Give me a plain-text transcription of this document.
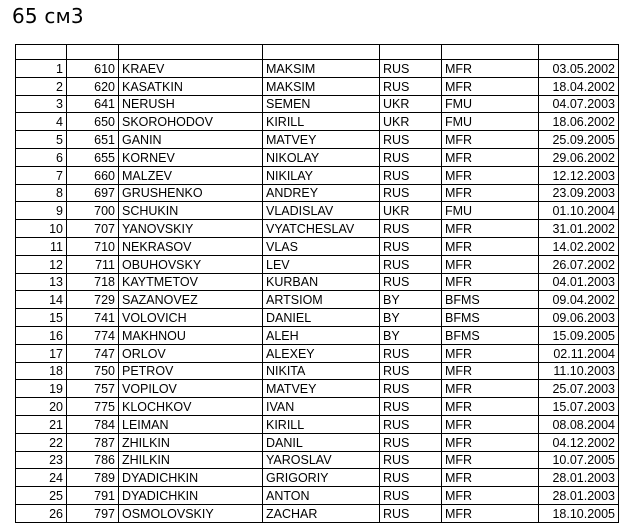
65 см3

1	610	KRAEV	MAKSIM	RUS	MFR	03.05.2002
2	620	KASATKIN	MAKSIM	RUS	MFR	18.04.2002
3	641	NERUSH	SEMEN	UKR	FMU	04.07.2003
4	650	SKOROHODOV	KIRILL	UKR	FMU	18.06.2002
5	651	GANIN	MATVEY	RUS	MFR	25.09.2005
6	655	KORNEV	NIKOLAY	RUS	MFR	29.06.2002
7	660	MALZEV	NIKILAY	RUS	MFR	12.12.2003
8	697	GRUSHENKO	ANDREY	RUS	MFR	23.09.2003
9	700	SCHUKIN	VLADISLAV	UKR	FMU	01.10.2004
10	707	YANOVSKIY	VYATCHESLAV	RUS	MFR	31.01.2002
11	710	NEKRASOV	VLAS	RUS	MFR	14.02.2002
12	711	OBUHOVSKY	LEV	RUS	MFR	26.07.2002
13	718	KAYTMETOV	KURBAN	RUS	MFR	04.01.2003
14	729	SAZANOVEZ	ARTSIOM	BY	BFMS	09.04.2002
15	741	VOLOVICH	DANIEL	BY	BFMS	09.06.2003
16	774	MAKHNOU	ALEH	BY	BFMS	15.09.2005
17	747	ORLOV	ALEXEY	RUS	MFR	02.11.2004
18	750	PETROV	NIKITA	RUS	MFR	11.10.2003
19	757	VOPILOV	MATVEY	RUS	MFR	25.07.2003
20	775	KLOCHKOV	IVAN	RUS	MFR	15.07.2003
21	784	LEIMAN	KIRILL	RUS	MFR	08.08.2004
22	787	ZHILKIN	DANIL	RUS	MFR	04.12.2002
23	786	ZHILKIN	YAROSLAV	RUS	MFR	10.07.2005
24	789	DYADICHKIN	GRIGORIY	RUS	MFR	28.01.2003
25	791	DYADICHKIN	ANTON	RUS	MFR	28.01.2003
26	797	OSMOLOVSKIY	ZACHAR	RUS	MFR	18.10.2005
